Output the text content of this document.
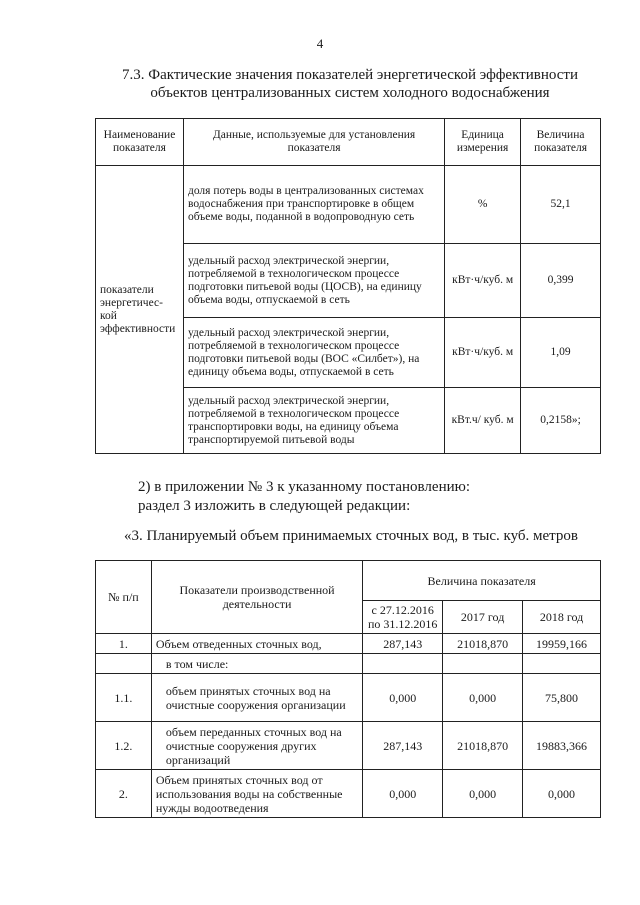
4
7.3. Фактические значения показателей энергетической эффективности
объектов централизованных систем холодного водоснабжения
Наименование показателя	Данные, используемые для установления показателя	Единица измерения	Величина показателя
показатели энергетичес-кой эффективности	доля потерь воды в централизованных системах водоснабжения при транспортировке в общем объеме воды, поданной в водопроводную сеть	%	52,1
	удельный расход электрической энергии, потребляемой в технологическом процессе подготовки питьевой воды (ЦОСВ), на единицу объема воды, отпускаемой в сеть	кВт·ч/куб. м	0,399
	удельный расход электрической энергии, потребляемой в технологическом процессе подготовки питьевой воды (ВОС «Силбет»), на единицу объема воды, отпускаемой в сеть	кВт·ч/куб. м	1,09
	удельный расход электрической энергии, потребляемой в технологическом процессе транспортировки воды, на единицу объема транспортируемой питьевой воды	кВт.ч/ куб. м	0,2158»;
2) в приложении № 3 к указанному постановлению:
раздел 3 изложить в следующей редакции:
«3. Планируемый объем принимаемых сточных вод, в тыс. куб. метров
№ п/п	Показатели производственной деятельности	Величина показателя		
		с 27.12.2016 по 31.12.2016	2017 год	2018 год
1.	Объем отведенных сточных вод,	287,143	21018,870	19959,166
	в том числе:			
1.1.	объем принятых сточных вод на очистные сооружения организации	0,000	0,000	75,800
1.2.	объем переданных сточных вод на очистные сооружения других организаций	287,143	21018,870	19883,366
2.	Объем принятых сточных вод от использования воды на собственные нужды водоотведения	0,000	0,000	0,000
